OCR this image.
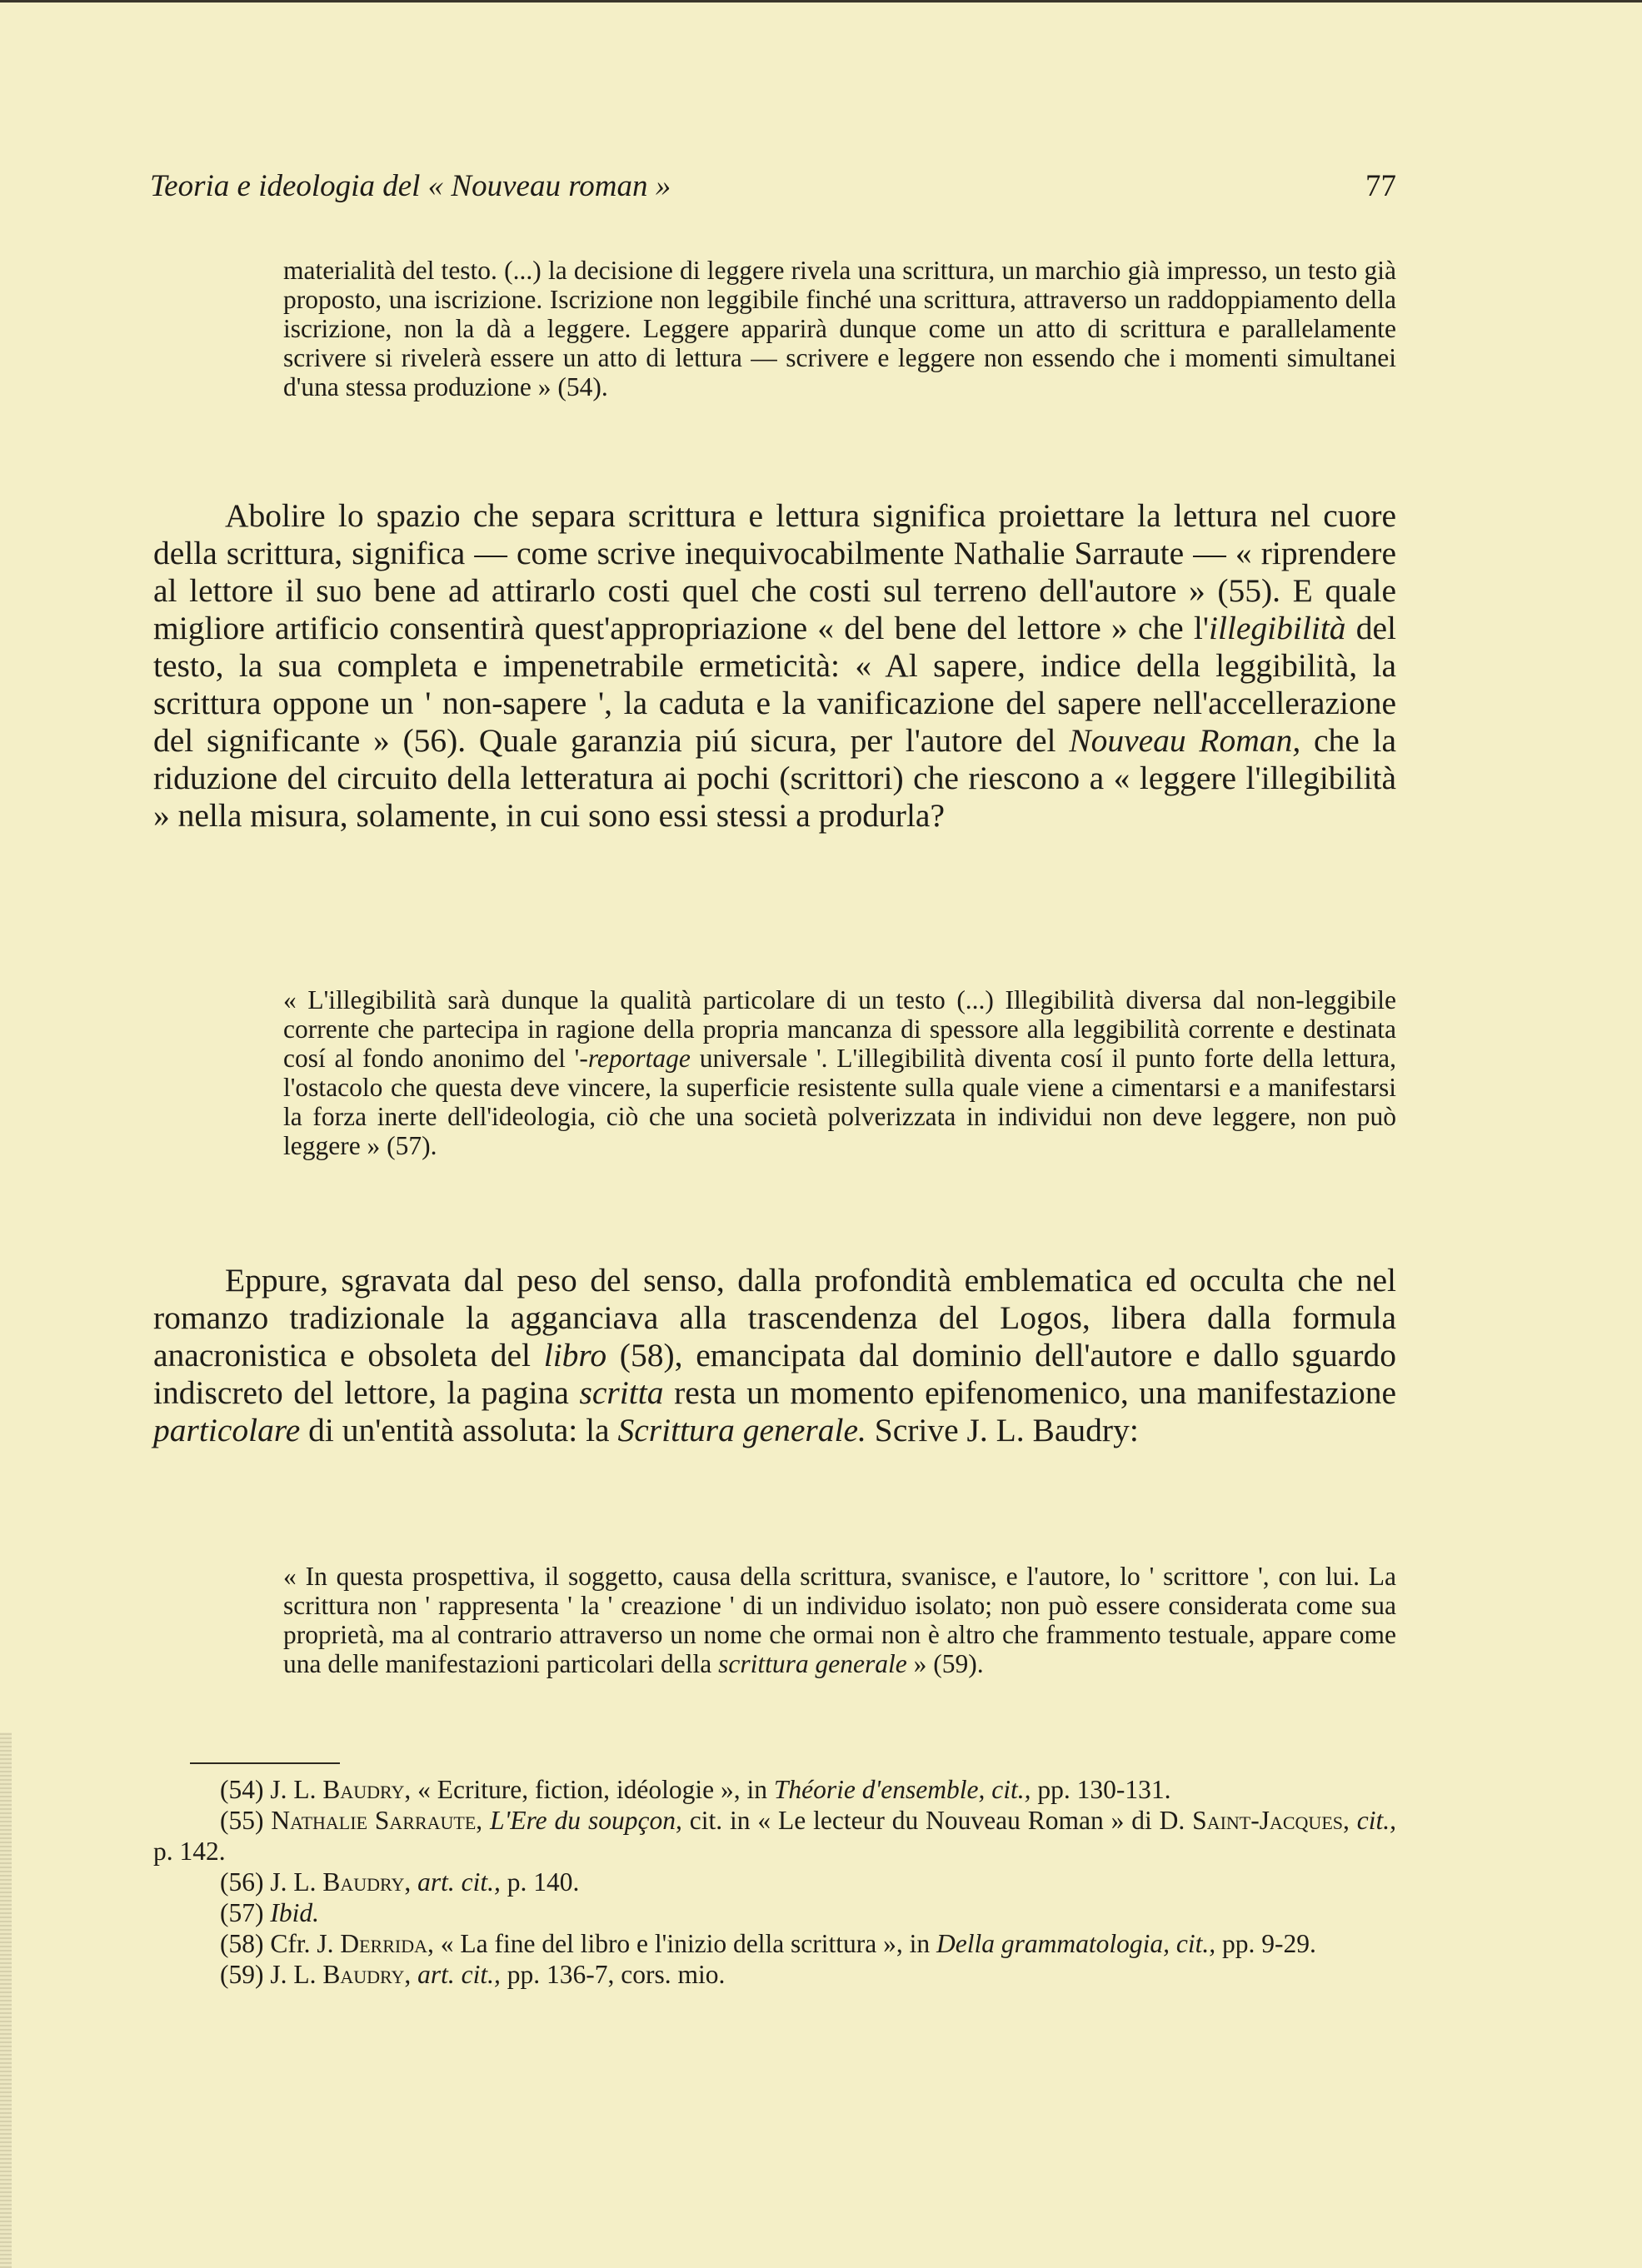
Teoria e ideologia del « Nouveau roman »	77

materialità del testo. (...) la decisione di leggere rivela una scrittura, un marchio già impresso, un testo già proposto, una iscrizione. Iscrizione non leggibile finché una scrittura, attraverso un raddoppiamento della iscrizione, non la dà a leggere. Leggere apparirà dunque come un atto di scrittura e parallelamente scrivere si rivelerà essere un atto di lettura — scrivere e leggere non essendo che i momenti simultanei d'una stessa produzione » (54).

Abolire lo spazio che separa scrittura e lettura significa proiettare la lettura nel cuore della scrittura, significa — come scrive inequivocabilmente Nathalie Sarraute — « riprendere al lettore il suo bene ad attirarlo costi quel che costi sul terreno dell'autore » (55). E quale migliore artificio consentirà quest'appropriazione « del bene del lettore » che l'illegibilità del testo, la sua completa e impenetrabile ermeticità: « Al sapere, indice della leggibilità, la scrittura oppone un ' non-sapere ', la caduta e la vanificazione del sapere nell'accellerazione del significante » (56). Quale garanzia piú sicura, per l'autore del Nouveau Roman, che la riduzione del circuito della letteratura ai pochi (scrittori) che riescono a « leggere l'illegibilità » nella misura, solamente, in cui sono essi stessi a produrla?

« L'illegibilità sarà dunque la qualità particolare di un testo (...) Illegibilità diversa dal non-leggibile corrente che partecipa in ragione della propria mancanza di spessore alla leggibilità corrente e destinata cosí al fondo anonimo del '-reportage universale '. L'illegibilità diventa cosí il punto forte della lettura, l'ostacolo che questa deve vincere, la superficie resistente sulla quale viene a cimentarsi e a manifestarsi la forza inerte dell'ideologia, ciò che una società polverizzata in individui non deve leggere, non può leggere » (57).

Eppure, sgravata dal peso del senso, dalla profondità emblematica ed occulta che nel romanzo tradizionale la agganciava alla trascendenza del Logos, libera dalla formula anacronistica e obsoleta del libro (58), emancipata dal dominio dell'autore e dallo sguardo indiscreto del lettore, la pagina scritta resta un momento epifenomenico, una manifestazione particolare di un'entità assoluta: la Scrittura generale. Scrive J. L. Baudry:

« In questa prospettiva, il soggetto, causa della scrittura, svanisce, e l'autore, lo ' scrittore ', con lui. La scrittura non ' rappresenta ' la ' creazione ' di un individuo isolato; non può essere considerata come sua proprietà, ma al contrario attraverso un nome che ormai non è altro che frammento testuale, appare come una delle manifestazioni particolari della scrittura generale » (59).

(54) J. L. Baudry, « Ecriture, fiction, idéologie », in Théorie d'ensemble, cit., pp. 130-131.

(55) Nathalie Sarraute, L'Ere du soupçon, cit. in « Le lecteur du Nouveau Roman » di D. Saint-Jacques, cit., p. 142.

(56) J. L. Baudry, art. cit., p. 140.

(57) Ibid.

(58) Cfr. J. Derrida, « La fine del libro e l'inizio della scrittura », in Della grammatologia, cit., pp. 9-29.

(59) J. L. Baudry, art. cit., pp. 136-7, cors. mio.
